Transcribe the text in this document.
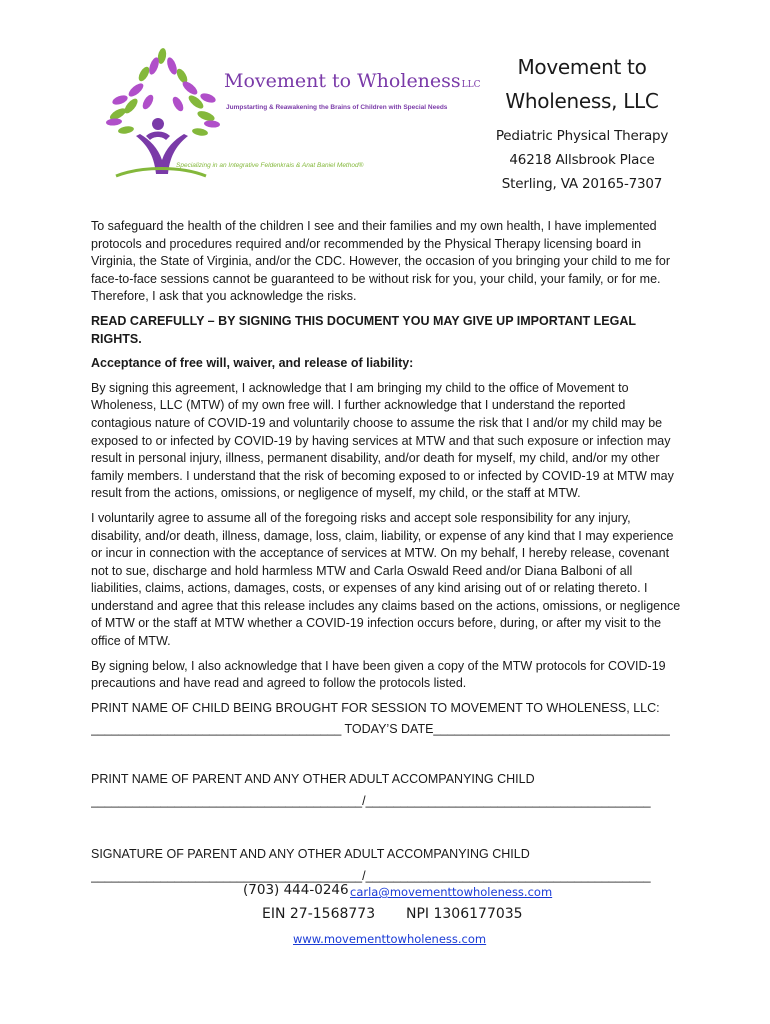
Movement to WholenessLLC
Jumpstarting & Reawakening the Brains of Children with Special Needs
Specializing in an Integrative Feldenkrais & Anat Baniel Method®
Movement to
Wholeness, LLC
Pediatric Physical Therapy
46218 Allsbrook Place
Sterling, VA 20165-7307

To safeguard the health of the children I see and their families and my own health, I have implemented protocols and procedures required and/or recommended by the Physical Therapy licensing board in Virginia, the State of Virginia, and/or the CDC. However, the occasion of you bringing your child to me for face-to-face sessions cannot be guaranteed to be without risk for you, your child, your family, or for me. Therefore, I ask that you acknowledge the risks.

READ CAREFULLY – BY SIGNING THIS DOCUMENT YOU MAY GIVE UP IMPORTANT LEGAL RIGHTS.

Acceptance of free will, waiver, and release of liability:

By signing this agreement, I acknowledge that I am bringing my child to the office of Movement to Wholeness, LLC (MTW) of my own free will. I further acknowledge that I understand the reported contagious nature of COVID-19 and voluntarily choose to assume the risk that I and/or my child may be exposed to or infected by COVID-19 by having services at MTW and that such exposure or infection may result in personal injury, illness, permanent disability, and/or death for myself, my child, and/or my other family members. I understand that the risk of becoming exposed to or infected by COVID-19 at MTW may result from the actions, omissions, or negligence of myself, my child, or the staff at MTW.

I voluntarily agree to assume all of the foregoing risks and accept sole responsibility for any injury, disability, and/or death, illness, damage, loss, claim, liability, or expense of any kind that I may experience or incur in connection with the acceptance of services at MTW. On my behalf, I hereby release, covenant not to sue, discharge and hold harmless MTW and Carla Oswald Reed and/or Diana Balboni of all liabilities, claims, actions, damages, costs, or expenses of any kind arising out of or relating thereto. I understand and agree that this release includes any claims based on the actions, omissions, or negligence of MTW or the staff at MTW whether a COVID-19 infection occurs before, during, or after my visit to the office of MTW.

By signing below, I also acknowledge that I have been given a copy of the MTW protocols for COVID-19 precautions and have read and agreed to follow the protocols listed.

PRINT NAME OF CHILD BEING BROUGHT FOR SESSION TO MOVEMENT TO WHOLENESS, LLC:
____________________________________ TODAY’S DATE__________________________________
PRINT NAME OF PARENT AND ANY OTHER ADULT ACCOMPANYING CHILD
_______________________________________/_________________________________________
SIGNATURE OF PARENT AND ANY OTHER ADULT ACCOMPANYING CHILD
_______________________________________/_________________________________________
(703) 444-0246 carla@movementtowholeness.com
EIN 27-1568773 NPI 1306177035
www.movementtowholeness.com
